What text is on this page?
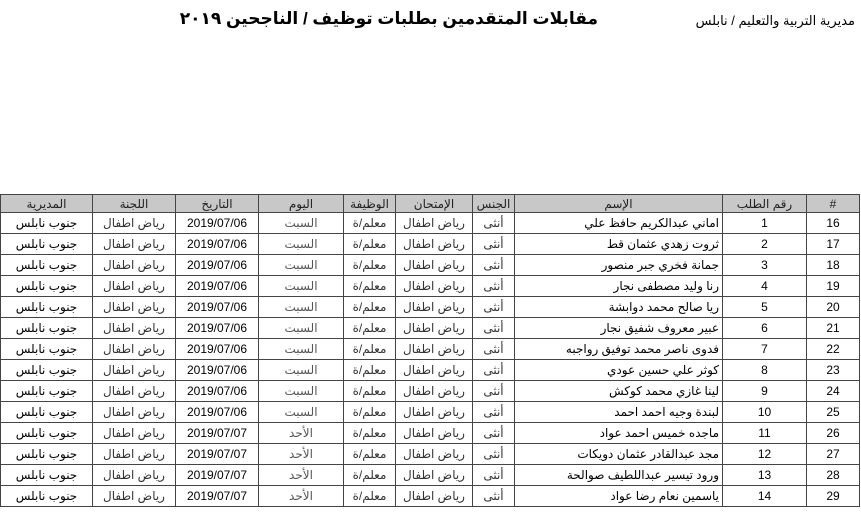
مديرية التربية والتعليم / نابلس
مقابلات المتقدمين بطلبات توظيف / الناجحين ٢٠١٩
#	رقم الطلب	الإسم	الجنس	الإمتحان	الوظيفة	اليوم	التاريخ	اللجنة	المديرية
16	1	اماني عبدالكريم حافظ علي	أنثى	رياض اطفال	معلم/ة	السبت	2019/07/06	رياض اطفال	جنوب نابلس
17	2	ثروت زهدي عثمان قط	أنثى	رياض اطفال	معلم/ة	السبت	2019/07/06	رياض اطفال	جنوب نابلس
18	3	جمانة فخري جبر منصور	أنثى	رياض اطفال	معلم/ة	السبت	2019/07/06	رياض اطفال	جنوب نابلس
19	4	رنا وليد مصطفى نجار	أنثى	رياض اطفال	معلم/ة	السبت	2019/07/06	رياض اطفال	جنوب نابلس
20	5	ريا صالح محمد دوابشة	أنثى	رياض اطفال	معلم/ة	السبت	2019/07/06	رياض اطفال	جنوب نابلس
21	6	عبير معروف شفيق نجار	أنثى	رياض اطفال	معلم/ة	السبت	2019/07/06	رياض اطفال	جنوب نابلس
22	7	فدوى ناصر محمد توفيق رواجبه	أنثى	رياض اطفال	معلم/ة	السبت	2019/07/06	رياض اطفال	جنوب نابلس
23	8	كوثر علي حسين عودي	أنثى	رياض اطفال	معلم/ة	السبت	2019/07/06	رياض اطفال	جنوب نابلس
24	9	لينا غازي محمد كوكش	أنثى	رياض اطفال	معلم/ة	السبت	2019/07/06	رياض اطفال	جنوب نابلس
25	10	لبندة وجيه احمد احمد	أنثى	رياض اطفال	معلم/ة	السبت	2019/07/06	رياض اطفال	جنوب نابلس
26	11	ماجده خميس احمد عواد	أنثى	رياض اطفال	معلم/ة	الأحد	2019/07/07	رياض اطفال	جنوب نابلس
27	12	مجد عبدالقادر عثمان دويكات	أنثى	رياض اطفال	معلم/ة	الأحد	2019/07/07	رياض اطفال	جنوب نابلس
28	13	ورود تيسير عبداللطيف صوالحة	أنثى	رياض اطفال	معلم/ة	الأحد	2019/07/07	رياض اطفال	جنوب نابلس
29	14	ياسمين نعام رضا عواد	أنثى	رياض اطفال	معلم/ة	الأحد	2019/07/07	رياض اطفال	جنوب نابلس
